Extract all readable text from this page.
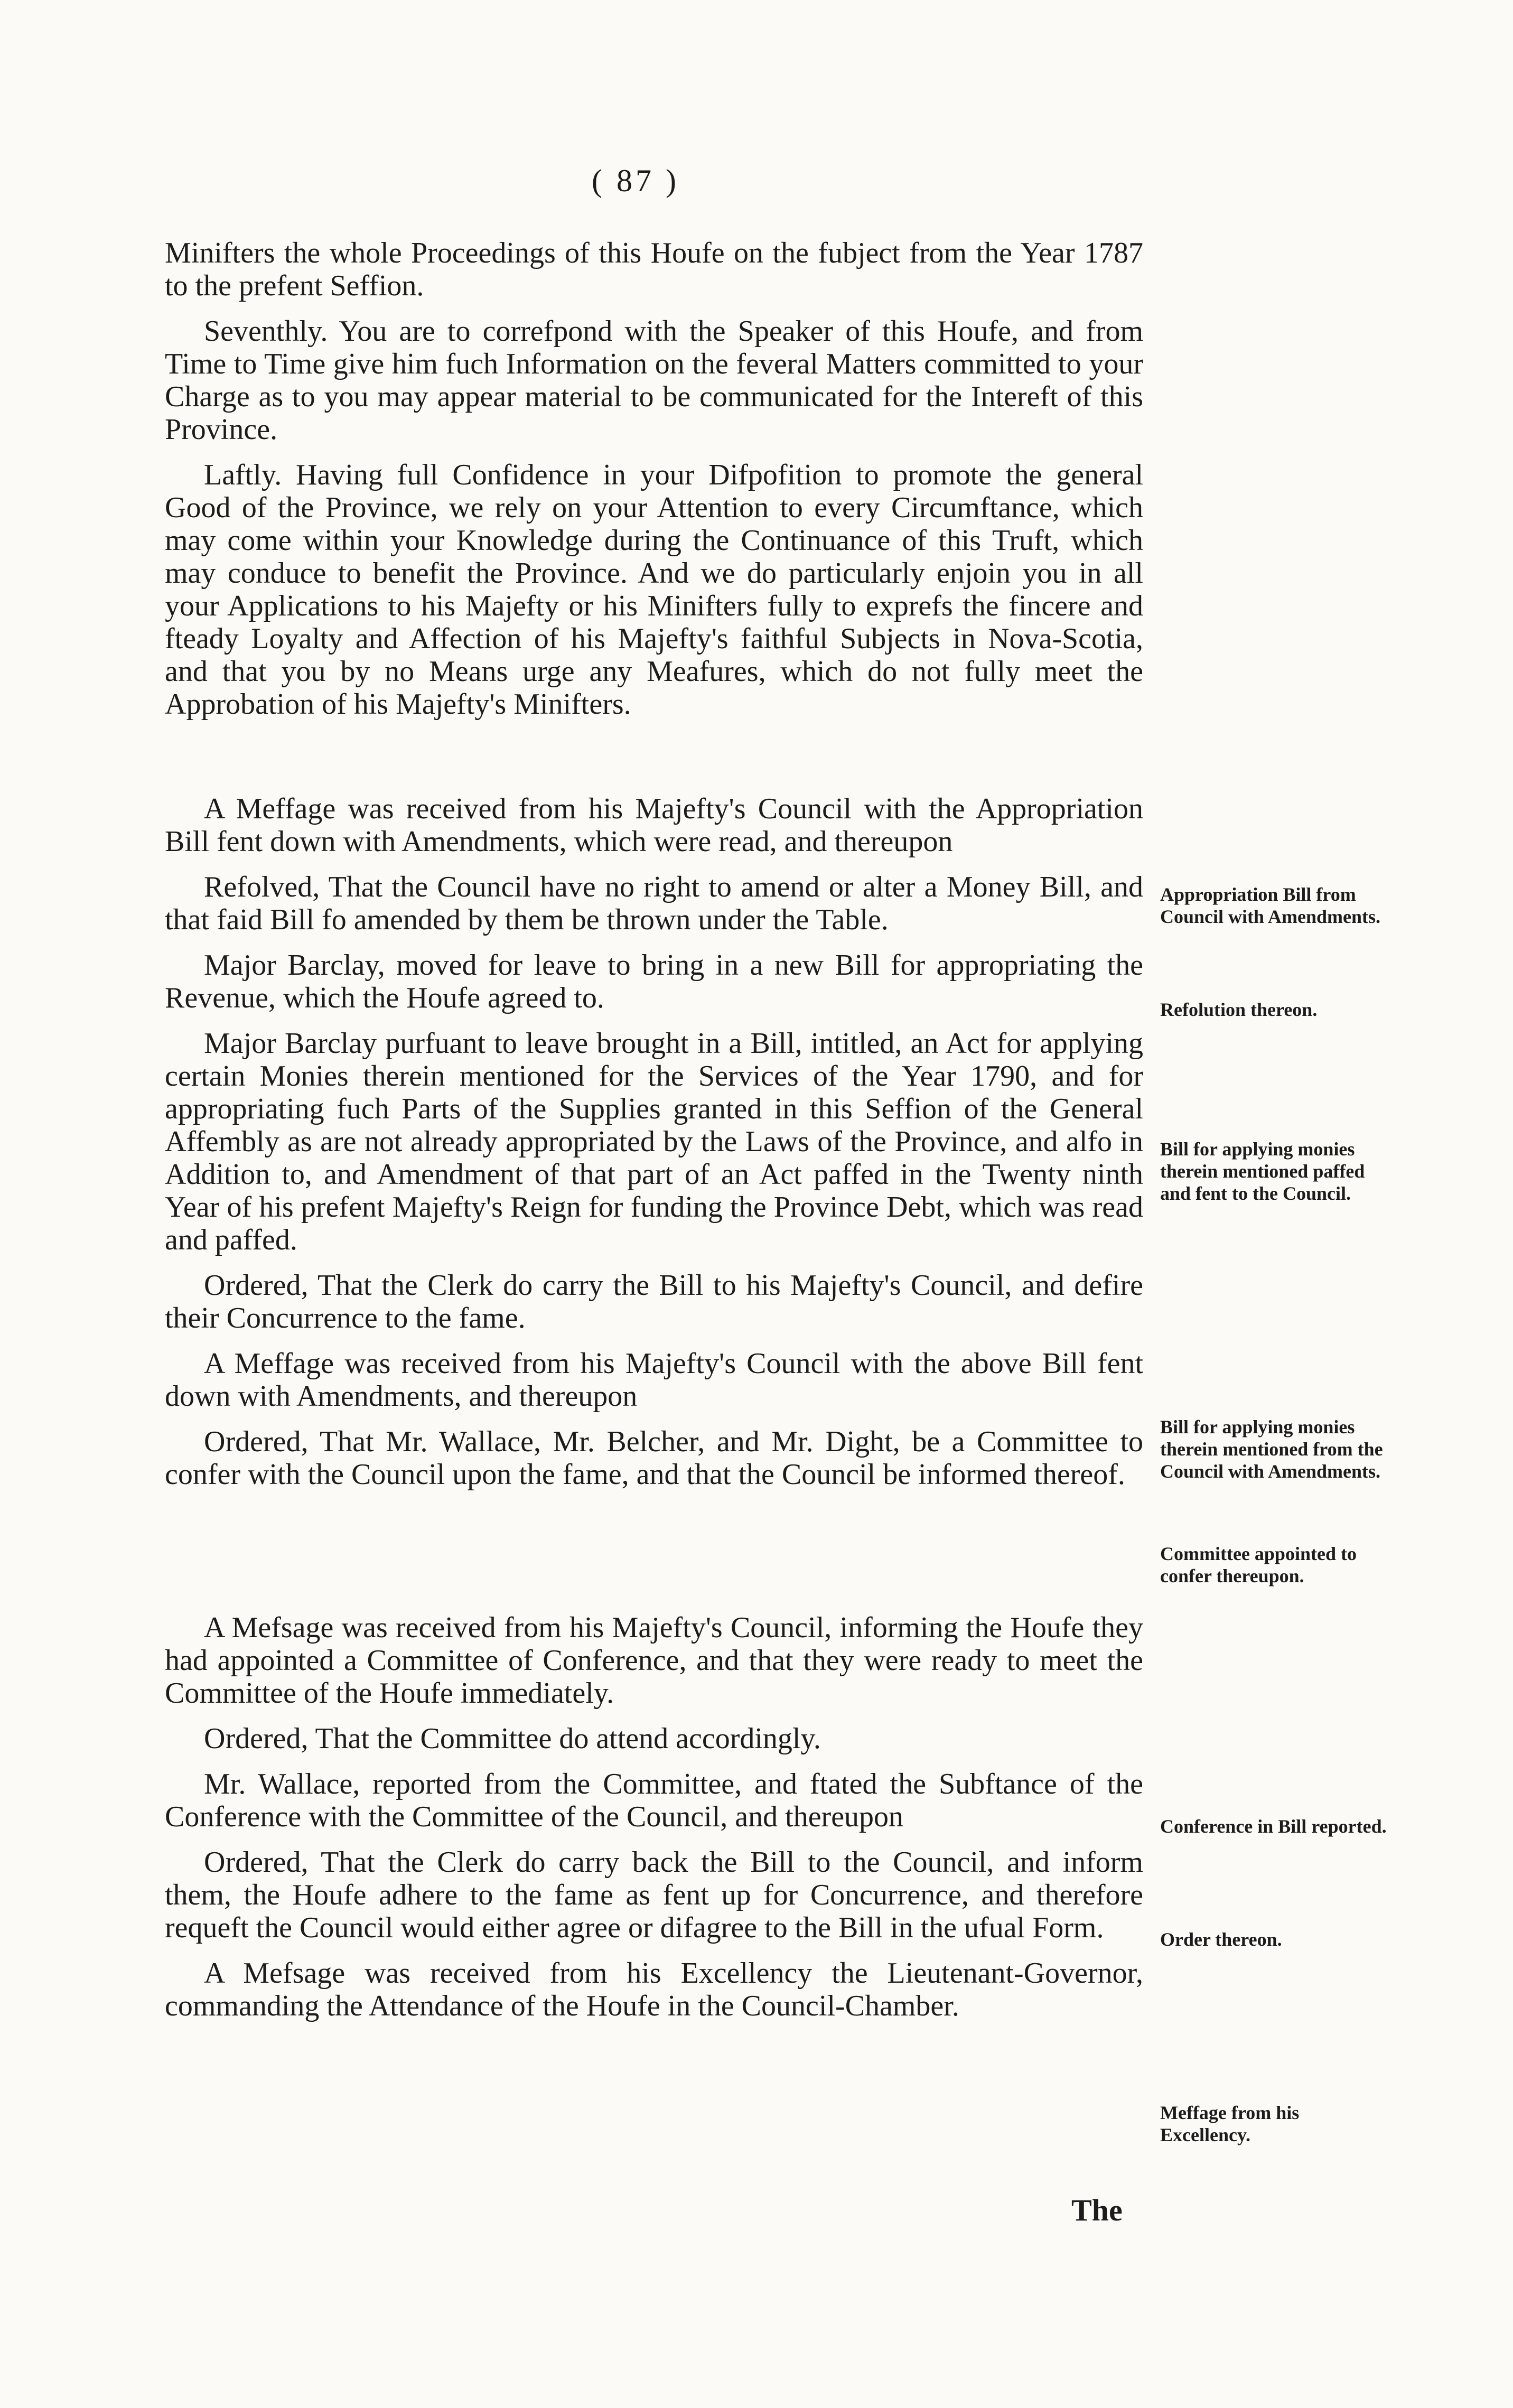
( 87 )

Minifters the whole Proceedings of this Houfe on the fubject from the Year 1787 to the prefent Seffion.

Seventhly. You are to correfpond with the Speaker of this Houfe, and from Time to Time give him fuch Information on the feveral Matters committed to your Charge as to you may appear material to be communicated for the Intereft of this Province.

Laftly. Having full Confidence in your Difpofition to promote the general Good of the Province, we rely on your Attention to every Circumftance, which may come within your Knowledge during the Continuance of this Truft, which may conduce to benefit the Province. And we do particularly enjoin you in all your Applications to his Majefty or his Minifters fully to exprefs the fincere and fteady Loyalty and Affection of his Majefty's faithful Subjects in Nova-Scotia, and that you by no Means urge any Meafures, which do not fully meet the Approbation of his Majefty's Minifters.

A Meffage was received from his Majefty's Council with the Appropriation Bill fent down with Amendments, which were read, and thereupon

Refolved, That the Council have no right to amend or alter a Money Bill, and that faid Bill fo amended by them be thrown under the Table.

Major Barclay, moved for leave to bring in a new Bill for appropriating the Revenue, which the Houfe agreed to.

Major Barclay purfuant to leave brought in a Bill, intitled, an Act for applying certain Monies therein mentioned for the Services of the Year 1790, and for appropriating fuch Parts of the Supplies granted in this Seffion of the General Affembly as are not already appropriated by the Laws of the Province, and alfo in Addition to, and Amendment of that part of an Act paffed in the Twenty ninth Year of his prefent Majefty's Reign for funding the Province Debt, which was read and paffed.

Ordered, That the Clerk do carry the Bill to his Majefty's Council, and defire their Concurrence to the fame.

A Meffage was received from his Majefty's Council with the above Bill fent down with Amendments, and thereupon

Ordered, That Mr. Wallace, Mr. Belcher, and Mr. Dight, be a Committee to confer with the Council upon the fame, and that the Council be informed thereof.

A Mefsage was received from his Majefty's Council, informing the Houfe they had appointed a Committee of Conference, and that they were ready to meet the Committee of the Houfe immediately.

Ordered, That the Committee do attend accordingly.

Mr. Wallace, reported from the Committee, and ftated the Subftance of the Conference with the Committee of the Council, and thereupon

Ordered, That the Clerk do carry back the Bill to the Council, and inform them, the Houfe adhere to the fame as fent up for Concurrence, and therefore requeft the Council would either agree or difagree to the Bill in the ufual Form.

A Mefsage was received from his Excellency the Lieutenant-Governor, commanding the Attendance of the Houfe in the Council-Chamber.

Appropriation Bill from Council with Amendments.
Refolution thereon.
Bill for applying monies therein mentioned paffed and fent to the Council.
Bill for applying monies therein mentioned from the Council with Amendments.
Committee appointed to confer thereupon.
Conference in Bill reported.
Order thereon.
Meffage from his Excellency.
The
